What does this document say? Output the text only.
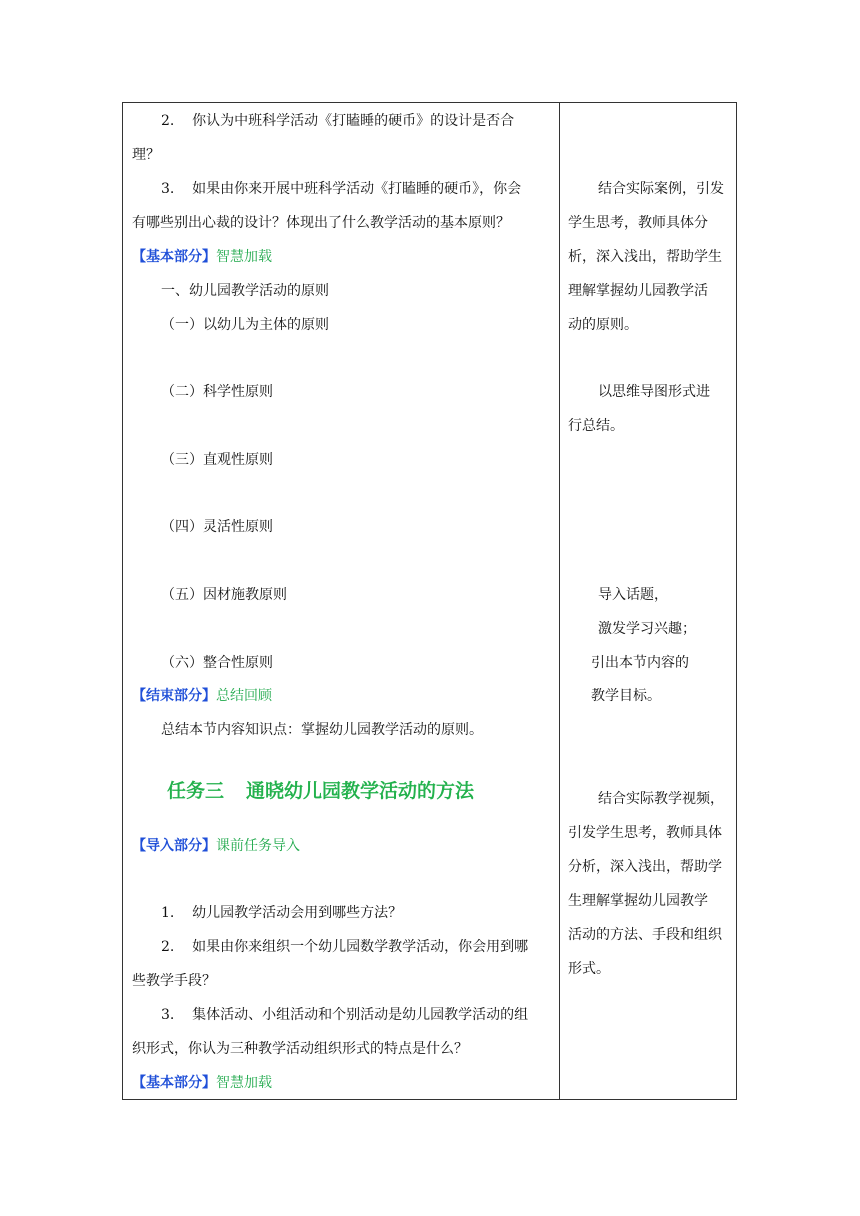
2.    你认为中班科学活动《打瞌睡的硬币》的设计是否合
理？
3.    如果由你来开展中班科学活动《打瞌睡的硬币》，你会
有哪些别出心裁的设计？体现出了什么教学活动的基本原则？
【基本部分】智慧加载
一、幼儿园教学活动的原则
（一）以幼儿为主体的原则
（二）科学性原则
（三）直观性原则
（四）灵活性原则
（五）因材施教原则
（六）整合性原则
【结束部分】总结回顾
总结本节内容知识点：掌握幼儿园教学活动的原则。
任务三 通晓幼儿园教学活动的方法
【导入部分】课前任务导入
1.    幼儿园教学活动会用到哪些方法？
2.    如果由你来组织一个幼儿园数学教学活动，你会用到哪
些教学手段？
3.    集体活动、小组活动和个别活动是幼儿园教学活动的组
织形式，你认为三种教学活动组织形式的特点是什么？
【基本部分】智慧加载
结合实际案例，引发
学生思考，教师具体分
析，深入浅出，帮助学生
理解掌握幼儿园教学活
动的原则。
以思维导图形式进
行总结。
导入话题，
激发学习兴趣；
引出本节内容的
教学目标。
结合实际教学视频，
引发学生思考，教师具体
分析，深入浅出，帮助学
生理解掌握幼儿园教学
活动的方法、手段和组织
形式。
